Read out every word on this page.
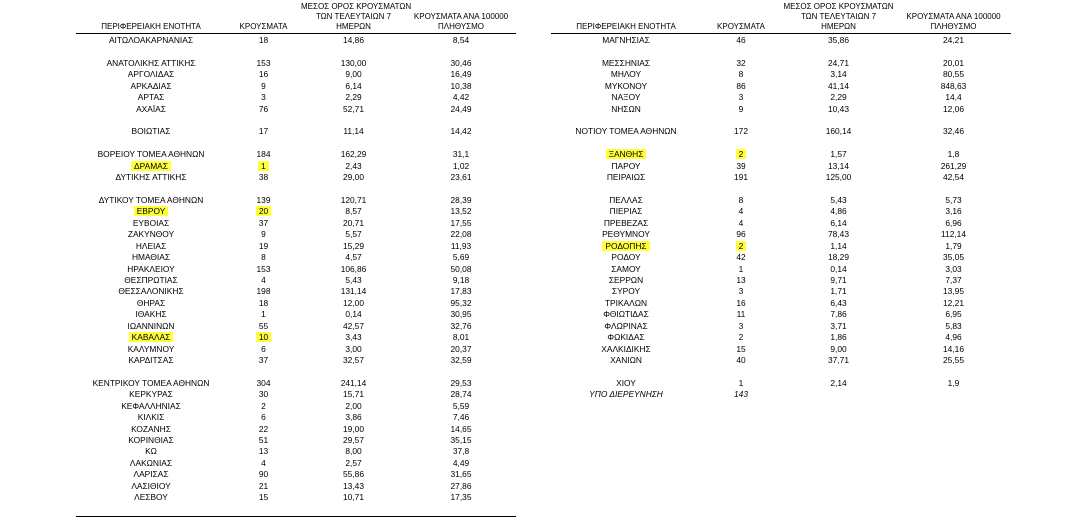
ΠΕΡΙΦΕΡΕΙΑΚΗ ΕΝΟΤΗΤΑ	ΚΡΟΥΣΜΑΤΑ
ΜΕΣΟΣ ΟΡΟΣ ΚΡΟΥΣΜΑΤΩΝ
ΤΩΝ ΤΕΛΕΥΤΑΙΩΝ 7
ΗΜΕΡΩΝ
ΚΡΟΥΣΜΑΤΑ ΑΝΑ 100000
ΠΛΗΘΥΣΜΟ
ΑΙΤΩΛΟΑΚΑΡΝΑΝΙΑΣ	18	14,86	8,54
ΑΝΑΤΟΛΙΚΗΣ ΑΤΤΙΚΗΣ	153	130,00	30,46
ΑΡΓΟΛΙΔΑΣ	16	9,00	16,49
ΑΡΚΑΔΙΑΣ	9	6,14	10,38
ΑΡΤΑΣ	3	2,29	4,42
ΑΧΑΪΑΣ	76	52,71	24,49
ΒΟΙΩΤΙΑΣ	17	11,14	14,42
ΒΟΡΕΙΟΥ ΤΟΜΕΑ ΑΘΗΝΩΝ	184	162,29	31,1
ΔΡΑΜΑΣ	1	2,43	1,02
ΔΥΤΙΚΗΣ ΑΤΤΙΚΗΣ	38	29,00	23,61
ΔΥΤΙΚΟΥ ΤΟΜΕΑ ΑΘΗΝΩΝ	139	120,71	28,39
ΕΒΡΟΥ	20	8,57	13,52
ΕΥΒΟΙΑΣ	37	20,71	17,55
ΖΑΚΥΝΘΟΥ	9	5,57	22,08
ΗΛΕΙΑΣ	19	15,29	11,93
ΗΜΑΘΙΑΣ	8	4,57	5,69
ΗΡΑΚΛΕΙΟΥ	153	106,86	50,08
ΘΕΣΠΡΩΤΙΑΣ	4	5,43	9,18
ΘΕΣΣΑΛΟΝΙΚΗΣ	198	131,14	17,83
ΘΗΡΑΣ	18	12,00	95,32
ΙΘΑΚΗΣ	1	0,14	30,95
ΙΩΑΝΝΙΝΩΝ	55	42,57	32,76
ΚΑΒΑΛΑΣ	10	3,43	8,01
ΚΑΛΥΜΝΟΥ	6	3,00	20,37
ΚΑΡΔΙΤΣΑΣ	37	32,57	32,59
ΚΕΝΤΡΙΚΟΥ ΤΟΜΕΑ ΑΘΗΝΩΝ	304	241,14	29,53
ΚΕΡΚΥΡΑΣ	30	15,71	28,74
ΚΕΦΑΛΛΗΝΙΑΣ	2	2,00	5,59
ΚΙΛΚΙΣ	6	3,86	7,46
ΚΟΖΑΝΗΣ	22	19,00	14,65
ΚΟΡΙΝΘΙΑΣ	51	29,57	35,15
ΚΩ	13	8,00	37,8
ΛΑΚΩΝΙΑΣ	4	2,57	4,49
ΛΑΡΙΣΑΣ	90	55,86	31,65
ΛΑΣΙΘΙΟΥ	21	13,43	27,86
ΛΕΣΒΟΥ	15	10,71	17,35
ΠΕΡΙΦΕΡΕΙΑΚΗ ΕΝΟΤΗΤΑ	ΚΡΟΥΣΜΑΤΑ
ΜΕΣΟΣ ΟΡΟΣ ΚΡΟΥΣΜΑΤΩΝ
ΤΩΝ ΤΕΛΕΥΤΑΙΩΝ 7
ΗΜΕΡΩΝ
ΚΡΟΥΣΜΑΤΑ ΑΝΑ 100000
ΠΛΗΘΥΣΜΟ
ΜΑΓΝΗΣΙΑΣ	46	35,86	24,21
ΜΕΣΣΗΝΙΑΣ	32	24,71	20,01
ΜΗΛΟΥ	8	3,14	80,55
ΜΥΚΟΝΟΥ	86	41,14	848,63
ΝΑΞΟΥ	3	2,29	14,4
ΝΗΣΩΝ	9	10,43	12,06
ΝΟΤΙΟΥ ΤΟΜΕΑ ΑΘΗΝΩΝ	172	160,14	32,46
ΞΑΝΘΗΣ	2	1,57	1,8
ΠΑΡΟΥ	39	13,14	261,29
ΠΕΙΡΑΙΩΣ	191	125,00	42,54
ΠΕΛΛΑΣ	8	5,43	5,73
ΠΙΕΡΙΑΣ	4	4,86	3,16
ΠΡΕΒΕΖΑΣ	4	6,14	6,96
ΡΕΘΥΜΝΟΥ	96	78,43	112,14
ΡΟΔΟΠΗΣ	2	1,14	1,79
ΡΟΔΟΥ	42	18,29	35,05
ΣΑΜΟΥ	1	0,14	3,03
ΣΕΡΡΩΝ	13	9,71	7,37
ΣΥΡΟΥ	3	1,71	13,95
ΤΡΙΚΑΛΩΝ	16	6,43	12,21
ΦΘΙΩΤΙΔΑΣ	11	7,86	6,95
ΦΛΩΡΙΝΑΣ	3	3,71	5,83
ΦΩΚΙΔΑΣ	2	1,86	4,96
ΧΑΛΚΙΔΙΚΗΣ	15	9,00	14,16
ΧΑΝΙΩΝ	40	37,71	25,55
ΧΙΟΥ	1	2,14	1,9
ΥΠΟ ΔΙΕΡΕΥΝΗΣΗ	143
